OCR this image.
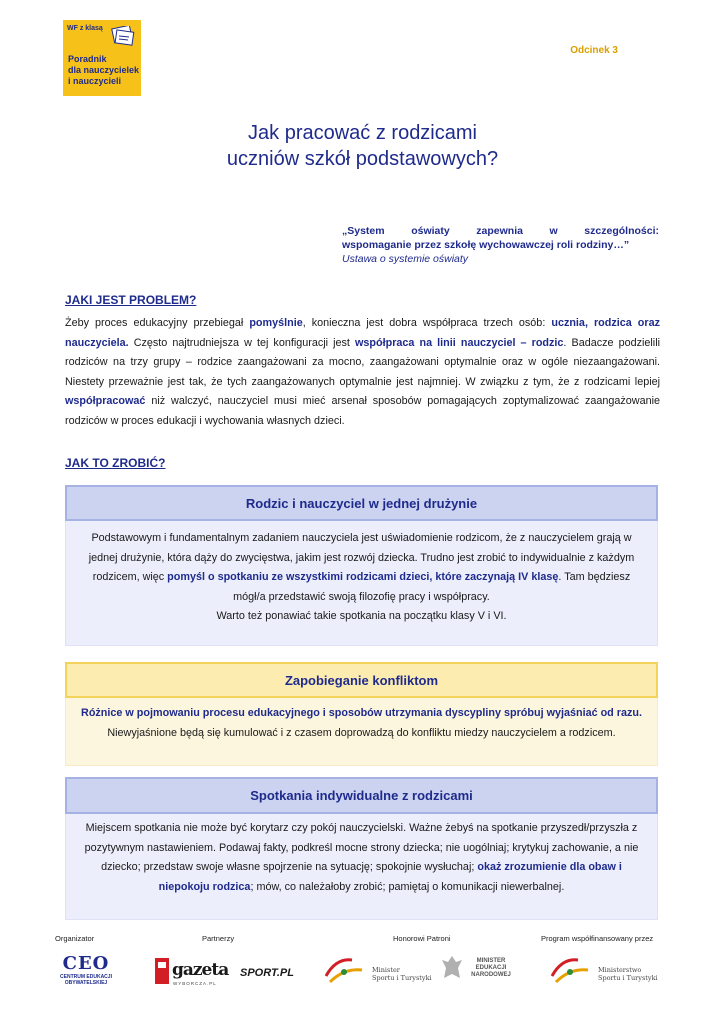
WF z klasą
Poradnik
dla nauczycielek
i nauczycieli
Odcinek 3
Jak pracować z rodzicami
uczniów szkół podstawowych?
„System oświaty zapewnia w szczególności:
wspomaganie przez szkołę wychowawczej roli rodziny…”
Ustawa o systemie oświaty
JAKI JEST PROBLEM?

Żeby proces edukacyjny przebiegał pomyślnie, konieczna jest dobra współpraca trzech osób: ucznia, rodzica oraz nauczyciela. Często najtrudniejsza w tej konfiguracji jest współpraca na linii nauczyciel – rodzic. Badacze podzielili rodziców na trzy grupy – rodzice zaangażowani za mocno, zaangażowani optymalnie oraz w ogóle niezaangażowani. Niestety przeważnie jest tak, że tych zaangażowanych optymalnie jest najmniej. W związku z tym, że z rodzicami lepiej współpracować niż walczyć, nauczyciel musi mieć arsenał sposobów pomagających zoptymalizować zaangażowanie rodziców w proces edukacji i wychowania własnych dzieci.

JAK TO ZROBIĆ?
Rodzic i nauczyciel w jednej drużynie
Podstawowym i fundamentalnym zadaniem nauczyciela jest uświadomienie rodzicom, że z nauczycielem grają w jednej drużynie, która dąży do zwycięstwa, jakim jest rozwój dziecka. Trudno jest zrobić to indywidualnie z każdym rodzicem, więc pomyśl o spotkaniu ze wszystkimi rodzicami dzieci, które zaczynają IV klasę. Tam będziesz mógł/a przedstawić swoją filozofię pracy i współpracy.
Warto też ponawiać takie spotkania na początku klasy V i VI.
Zapobieganie konfliktom
Różnice w pojmowaniu procesu edukacyjnego i sposobów utrzymania dyscypliny spróbuj wyjaśniać od razu. Niewyjaśnione będą się kumulować i z czasem doprowadzą do konfliktu miedzy nauczycielem a rodzicem.
Spotkania indywidualne z rodzicami
Miejscem spotkania nie może być korytarz czy pokój nauczycielski. Ważne żebyś na spotkanie przyszedł/przyszła z pozytywnym nastawieniem. Podawaj fakty, podkreśl mocne strony dziecka; nie uogólniaj; krytykuj zachowanie, a nie dziecko; przedstaw swoje własne spojrzenie na sytuację; spokojnie wysłuchaj; okaż zrozumienie dla obaw i niepokoju rodzica; mów, co należałoby zrobić; pamiętaj o komunikacji niewerbalnej.
Organizator	Partnerzy	Honorowi Patroni	Program współfinansowany przez
CEO
CENTRUM EDUKACJI
OBYWATELSKIEJ
gazeta
WYBORCZA.PL
SPORT.PL	Minister
Sportu i Turystyki
MINISTER
EDUKACJI
NARODOWEJ
Ministerstwo
Sportu i Turystyki
